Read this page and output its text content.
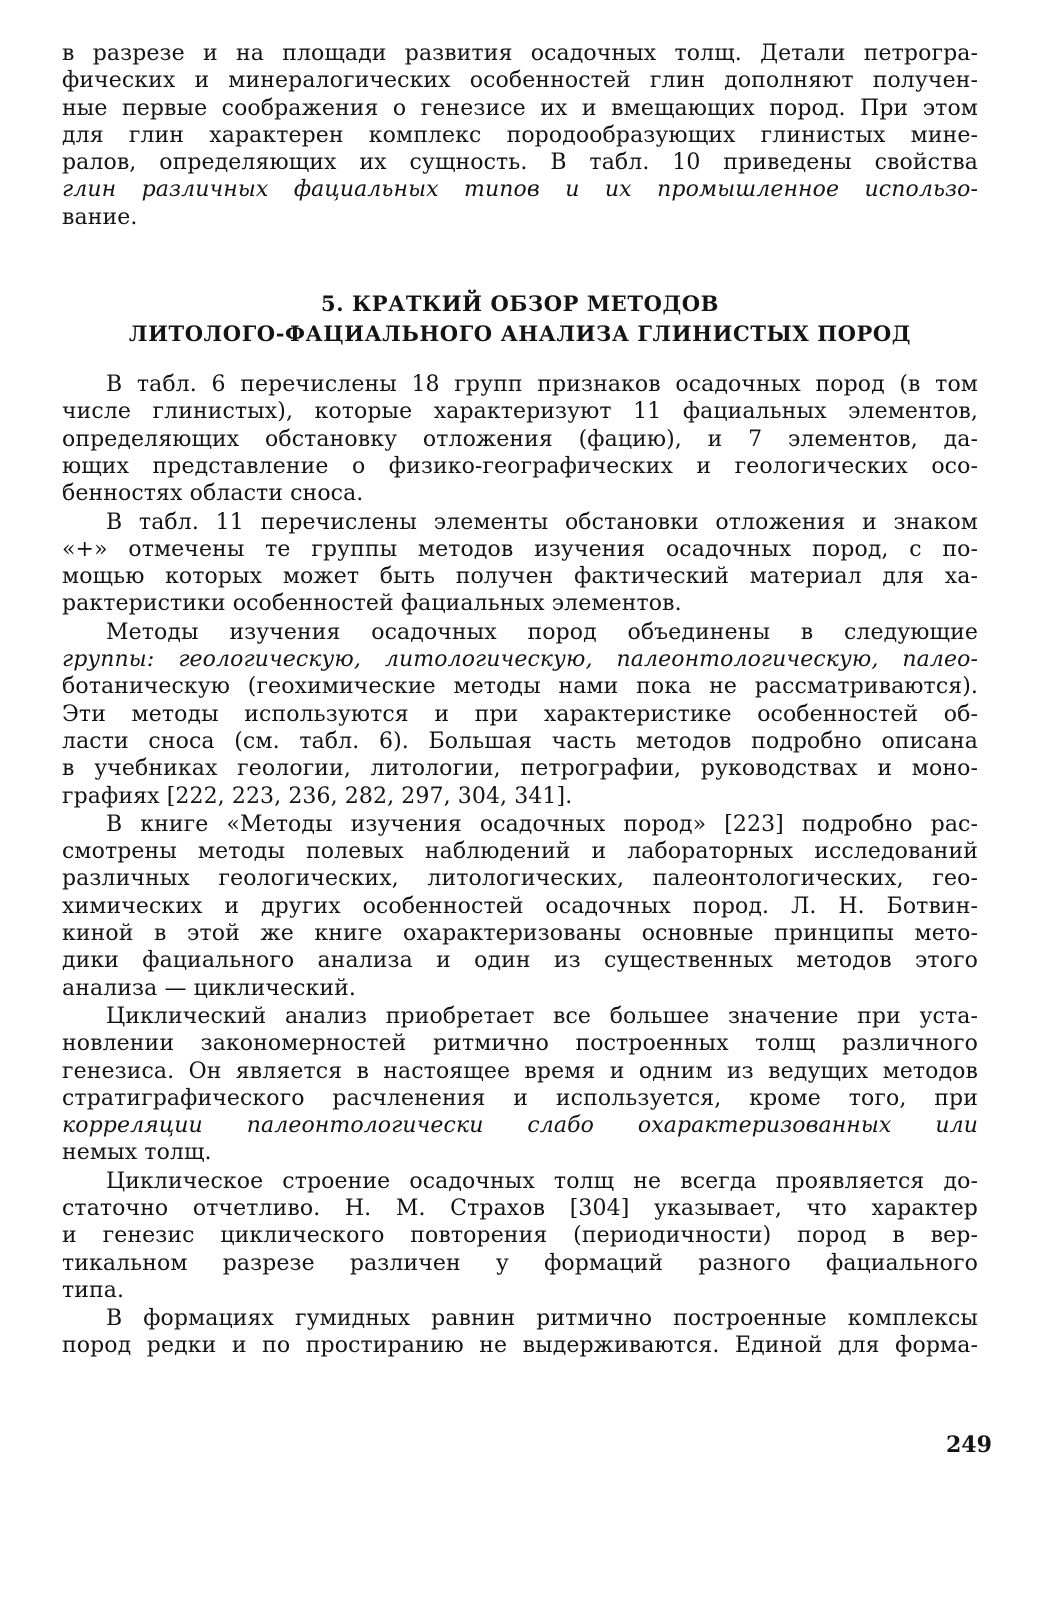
в разрезе и на площади развития осадочных толщ. Детали петрогра-
фических и минералогических особенностей глин дополняют получен-
ные первые соображения о генезисе их и вмещающих пород. При этом
для глин характерен комплекс породообразующих глинистых мине-
ралов, определяющих их сущность. В табл. 10 приведены свойства
глин различных фациальных типов и их промышленное использо-
вание.
5. КРАТКИЙ ОБЗОР МЕТОДОВ
ЛИТОЛОГО-ФАЦИАЛЬНОГО АНАЛИЗА ГЛИНИСТЫХ ПОРОД
В табл. 6 перечислены 18 групп признаков осадочных пород (в том
числе глинистых), которые характеризуют 11 фациальных элементов,
определяющих обстановку отложения (фацию), и 7 элементов, да-
ющих представление о физико-географических и геологических осо-
бенностях области сноса.
В табл. 11 перечислены элементы обстановки отложения и знаком
«+» отмечены те группы методов изучения осадочных пород, с по-
мощью которых может быть получен фактический материал для ха-
рактеристики особенностей фациальных элементов.
Методы изучения осадочных пород объединены в следующие
группы: геологическую, литологическую, палеонтологическую, палео-
ботаническую (геохимические методы нами пока не рассматриваются).
Эти методы используются и при характеристике особенностей об-
ласти сноса (см. табл. 6). Большая часть методов подробно описана
в учебниках геологии, литологии, петрографии, руководствах и моно-
графиях [222, 223, 236, 282, 297, 304, 341].
В книге «Методы изучения осадочных пород» [223] подробно рас-
смотрены методы полевых наблюдений и лабораторных исследований
различных геологических, литологических, палеонтологических, гео-
химических и других особенностей осадочных пород. Л. Н. Ботвин-
киной в этой же книге охарактеризованы основные принципы мето-
дики фациального анализа и один из существенных методов этого
анализа — циклический.
Циклический анализ приобретает все большее значение при уста-
новлении закономерностей ритмично построенных толщ различного
генезиса. Он является в настоящее время и одним из ведущих методов
стратиграфического расчленения и используется, кроме того, при
корреляции палеонтологически слабо охарактеризованных или
немых толщ.
Циклическое строение осадочных толщ не всегда проявляется до-
статочно отчетливо. Н. М. Страхов [304] указывает, что характер
и генезис циклического повторения (периодичности) пород в вер-
тикальном разрезе различен у формаций разного фациального
типа.
В формациях гумидных равнин ритмично построенные комплексы
пород редки и по простиранию не выдерживаются. Единой для форма-
249
